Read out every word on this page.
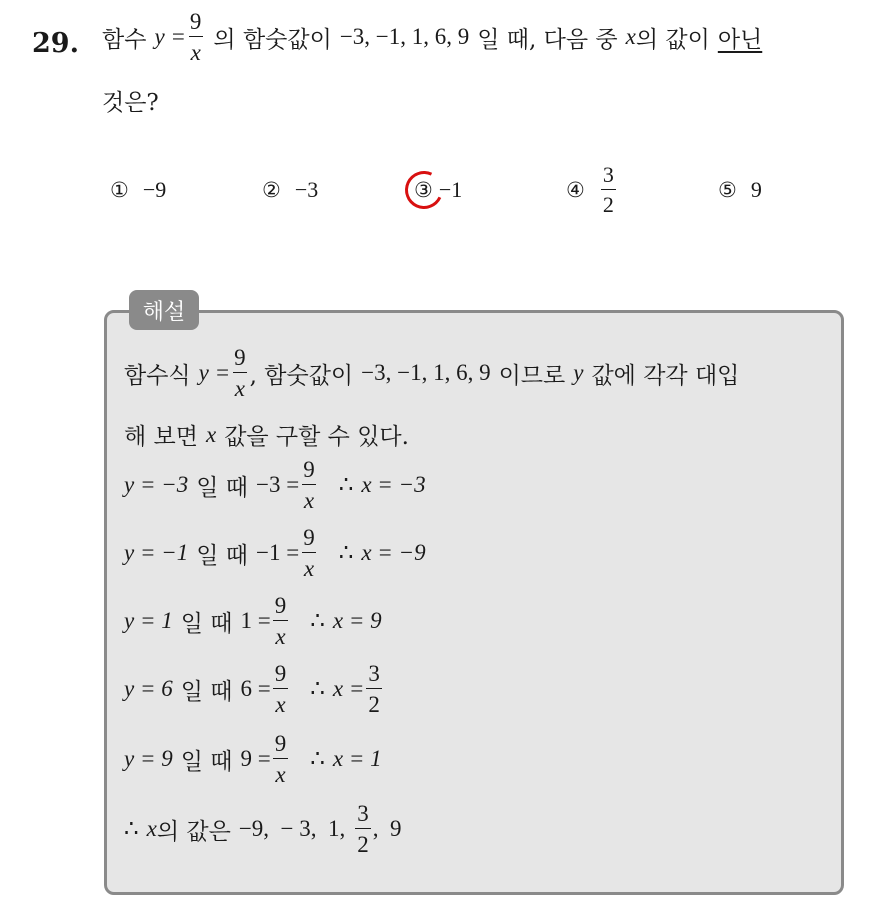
29. 함수 $y = \frac{9}{x}$ 의 함숫값이 −3, −1, 1, 6, 9 일 때, 다음 중 x 의 값이 아닌
것은?
① −9	② −3	③ −1	④ $\frac{3}{2}$	⑤ 9
해설
함수식 $y = \frac{9}{x}$ , 함숫값이 −3, −1, 1, 6, 9 이므로 y 값에 각각 대입
해 보면 x 값을 구할 수 있다.
y = −3 일 때 $-3 = \frac{9}{x}$ ∴ x = −3
y = −1 일 때 $-1 = \frac{9}{x}$ ∴ x = −9
y = 1 일 때 $1 = \frac{9}{x}$ ∴ x = 9
y = 6 일 때 $6 = \frac{9}{x}$ ∴ $x = \frac{3}{2}$
y = 9 일 때 $9 = \frac{9}{x}$ ∴ x = 1
∴ x 의 값은 −9,  − 3,  1, $\frac{3}{2}$ ,  9
